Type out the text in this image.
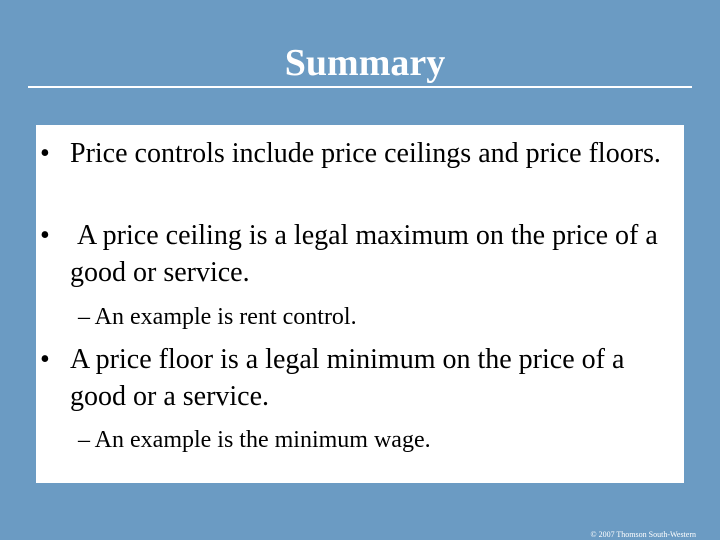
Summary
• Price controls include price ceilings and price floors.
• A price ceiling is a legal maximum on the price of a good or service.
– An example is rent control.
• A price floor is a legal minimum on the price of a good or a service.
– An example is the minimum wage.
© 2007 Thomson South-Western
